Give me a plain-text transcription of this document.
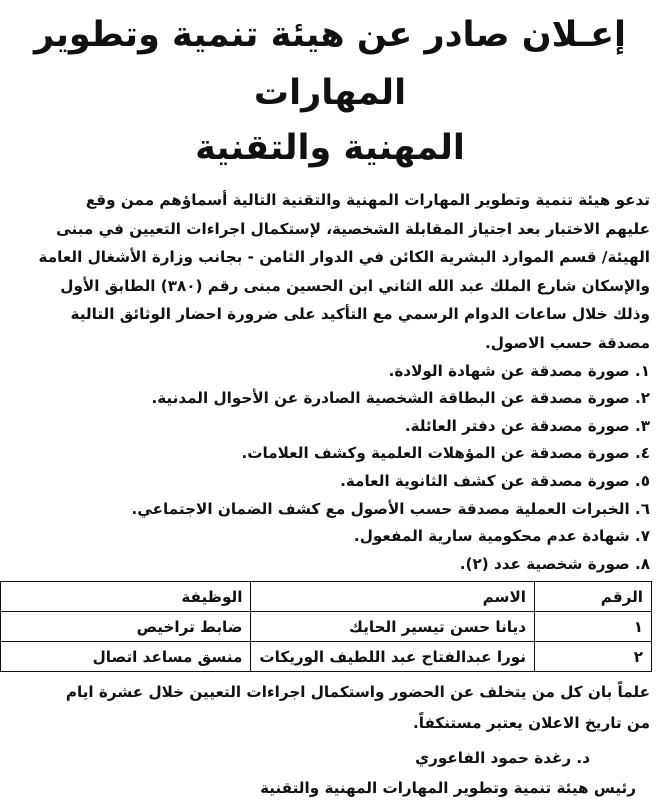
إعـلان صادر عن هيئة تنمية وتطوير المهارات
المهنية والتقنية

تدعو هيئة تنمية وتطوير المهارات المهنية والتقنية التالية أسماؤهم ممن وقع

عليهم الاختبار بعد اجتياز المقابلة الشخصية، لإستكمال اجراءات التعيين في مبنى

الهيئة/ قسم الموارد البشرية الكائن في الدوار الثامن - بجانب وزارة الأشغال العامة

والإسكان شارع الملك عبد الله الثاني ابن الحسين مبنى رقم (٣٨٠) الطابق الأول

وذلك خلال ساعات الدوام الرسمي مع التأكيد على ضرورة احضار الوثائق التالية

مصدقة حسب الاصول.

١. صورة مصدقة عن شهادة الولادة.
٢. صورة مصدقة عن البطاقة الشخصية الصادرة عن الأحوال المدنية.
٣. صورة مصدقة عن دفتر العائلة.
٤. صورة مصدقة عن المؤهلات العلمية وكشف العلامات.
٥. صورة مصدقة عن كشف الثانوية العامة.
٦. الخبرات العملية مصدقة حسب الأصول مع كشف الضمان الاجتماعي.
٧. شهادة عدم محكومية سارية المفعول.
٨. صورة شخصية عدد (٢).
الرقم	الاسم	الوظيفة
١	ديانا حسن تيسير الحايك	ضابط تراخيص
٢	نورا عبدالفتاح عبد اللطيف الوريكات	منسق مساعد اتصال

علماً بان كل من يتخلف عن الحضور واستكمال اجراءات التعيين خلال عشرة ايام

من تاريخ الاعلان يعتبر مستنكفاً.

د. رغدة حمود الفاعوري

رئيس هيئة تنمية وتطوير المهارات المهنية والتقنية
